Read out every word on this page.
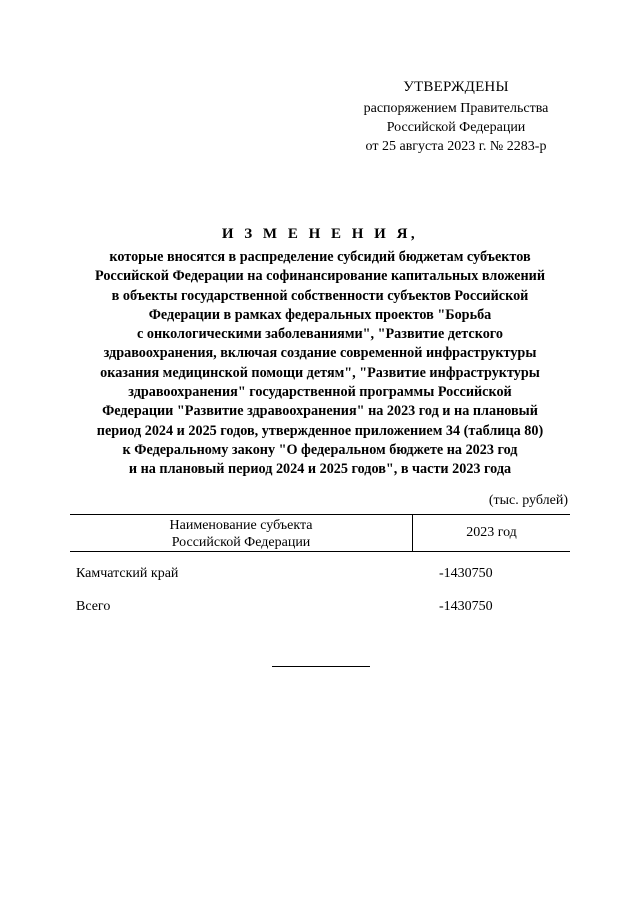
УТВЕРЖДЕНЫ
распоряжением Правительства
Российской Федерации
от 25 августа 2023 г. № 2283-р
И З М Е Н Е Н И Я,
которые вносятся в распределение субсидий бюджетам субъектов
Российской Федерации на софинансирование капитальных вложений
в объекты государственной собственности субъектов Российской
Федерации в рамках федеральных проектов "Борьба
с онкологическими заболеваниями", "Развитие детского
здравоохранения, включая создание современной инфраструктуры
оказания медицинской помощи детям", "Развитие инфраструктуры
здравоохранения" государственной программы Российской
Федерации "Развитие здравоохранения" на 2023 год и на плановый
период 2024 и 2025 годов, утвержденное приложением 34 (таблица 80)
к Федеральному закону "О федеральном бюджете на 2023 год
и на плановый период 2024 и 2025 годов", в части 2023 года
(тыс. рублей)
Наименование субъекта
Российской Федерации
2023 год
Камчатский край	-1430750
Всего	-1430750
